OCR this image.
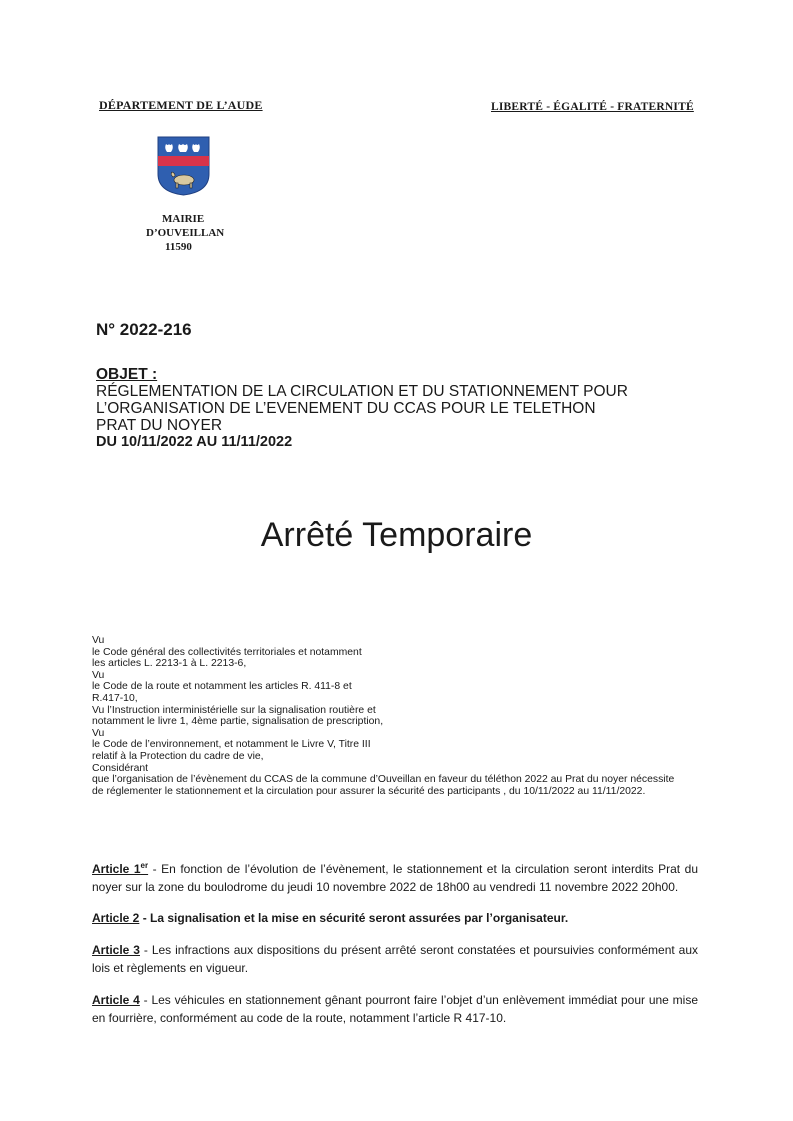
DÉPARTEMENT DE L’AUDE	LIBERTÉ - ÉGALITÉ - FRATERNITÉ
MAIRIE
D’OUVEILLAN
11590
N° 2022-216
OBJET :
RÉGLEMENTATION DE LA CIRCULATION ET DU STATIONNEMENT POUR
L’ORGANISATION DE L’EVENEMENT DU CCAS POUR LE TELETHON
PRAT DU NOYER
DU 10/11/2022 AU 11/11/2022
Arrêté Temporaire
Vu
le Code général des collectivités territoriales et notamment
les articles L. 2213-1 à L. 2213-6,
Vu
le Code de la route et notamment les articles R. 411-8 et
R.417-10,
Vu l’Instruction interministérielle sur la signalisation routière et
notamment le livre 1, 4ème partie, signalisation de prescription,
Vu
le Code de l’environnement, et notamment le Livre V, Titre III
relatif à la Protection du cadre de vie,
Considérant
que l’organisation de l’évènement du CCAS de la commune d’Ouveillan en faveur du téléthon 2022 au Prat du noyer nécessite
de réglementer le stationnement et la circulation pour assurer la sécurité des participants , du 10/11/2022 au 11/11/2022.

Article 1er - En fonction de l’évolution de l’évènement, le stationnement et la circulation seront interdits Prat du noyer sur la zone du boulodrome du jeudi 10 novembre 2022 de 18h00 au vendredi 11 novembre 2022 20h00.

Article 2 - La signalisation et la mise en sécurité seront assurées par l’organisateur.

Article 3 - Les infractions aux dispositions du présent arrêté seront constatées et poursuivies conformément aux lois et règlements en vigueur.

Article 4 - Les véhicules en stationnement gênant pourront faire l’objet d’un enlèvement immédiat pour une mise en fourrière, conformément au code de la route, notamment l’article R 417-10.
